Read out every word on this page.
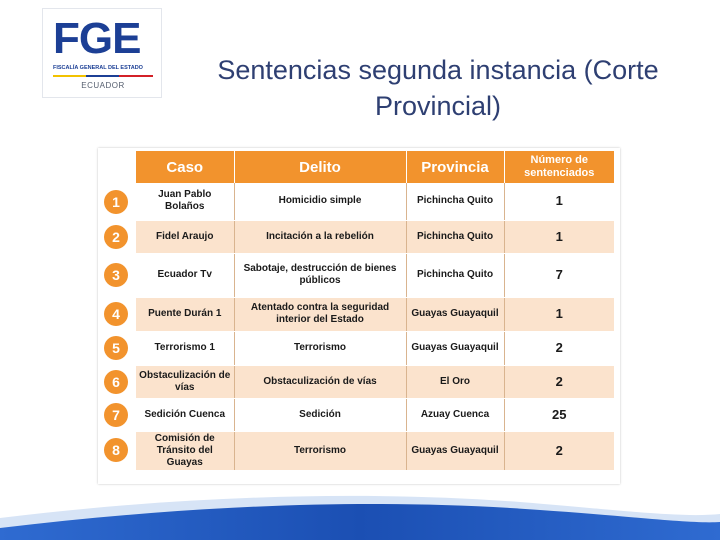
FGE
FISCALÍA GENERAL DEL ESTADO
ECUADOR
Sentencias segunda instancia (Corte
Provincial)
1
2
3
4
5
6
7
8
Caso	Delito	Provincia	Número de sentenciados
Juan Pablo Bolaños	Homicidio simple	Pichincha Quito	1
Fidel Araujo	Incitación a la rebelión	Pichincha Quito	1
Ecuador Tv	Sabotaje, destrucción de bienes públicos	Pichincha Quito	7
Puente Durán 1	Atentado contra la seguridad interior del Estado	Guayas Guayaquil	1
Terrorismo 1	Terrorismo	Guayas Guayaquil	2
Obstaculización de vías	Obstaculización de vías	El Oro	2
Sedición Cuenca	Sedición	Azuay Cuenca	25
Comisión de Tránsito del Guayas	Terrorismo	Guayas Guayaquil	2
